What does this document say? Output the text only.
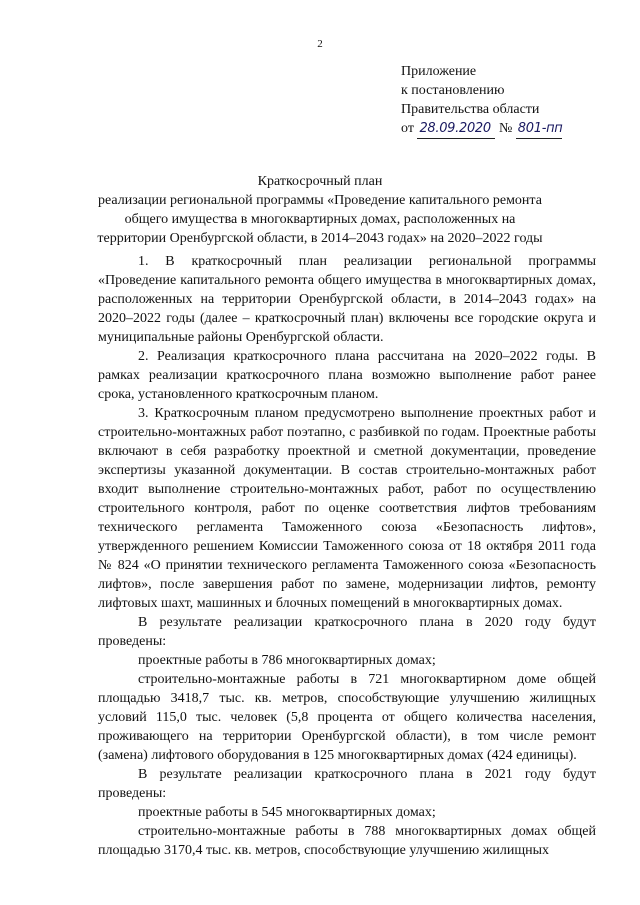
2
Приложение
к постановлению
Правительства области
от 28.09.2020 № 801-пп
Краткосрочный план
реализации региональной программы «Проведение капитального ремонта
общего имущества в многоквартирных домах, расположенных на
территории Оренбургской области, в 2014–2043 годах» на 2020–2022 годы

1. В краткосрочный план реализации региональной программы «Проведение капитального ремонта общего имущества в многоквартирных домах, расположенных на территории Оренбургской области, в 2014–2043 годах» на 2020–2022 годы (далее – краткосрочный план) включены все городские округа и муниципальные районы Оренбургской области.

2. Реализация краткосрочного плана рассчитана на 2020–2022 годы. В рамках реализации краткосрочного плана возможно выполнение работ ранее срока, установленного краткосрочным планом.

3. Краткосрочным планом предусмотрено выполнение проектных работ и строительно-монтажных работ поэтапно, с разбивкой по годам. Проектные работы включают в себя разработку проектной и сметной документации, проведение экспертизы указанной документации. В состав строительно-монтажных работ входит выполнение строительно-монтажных работ, работ по осуществлению строительного контроля, работ по оценке соответствия лифтов требованиям технического регламента Таможенного союза «Безопасность лифтов», утвержденного решением Комиссии Таможенного союза от 18 октября 2011 года № 824 «О принятии технического регламента Таможенного союза «Безопасность лифтов», после завершения работ по замене, модернизации лифтов, ремонту лифтовых шахт, машинных и блочных помещений в многоквартирных домах.

В результате реализации краткосрочного плана в 2020 году будут проведены:

проектные работы в 786 многоквартирных домах;

строительно-монтажные работы в 721 многоквартирном доме общей площадью 3418,7 тыс. кв. метров, способствующие улучшению жилищных условий 115,0 тыс. человек (5,8 процента от общего количества населения, проживающего на территории Оренбургской области), в том числе ремонт (замена) лифтового оборудования в 125 многоквартирных домах (424 единицы).

В результате реализации краткосрочного плана в 2021 году будут проведены:

проектные работы в 545 многоквартирных домах;

строительно-монтажные работы в 788 многоквартирных домах общей площадью 3170,4 тыс. кв. метров, способствующие улучшению жилищных
